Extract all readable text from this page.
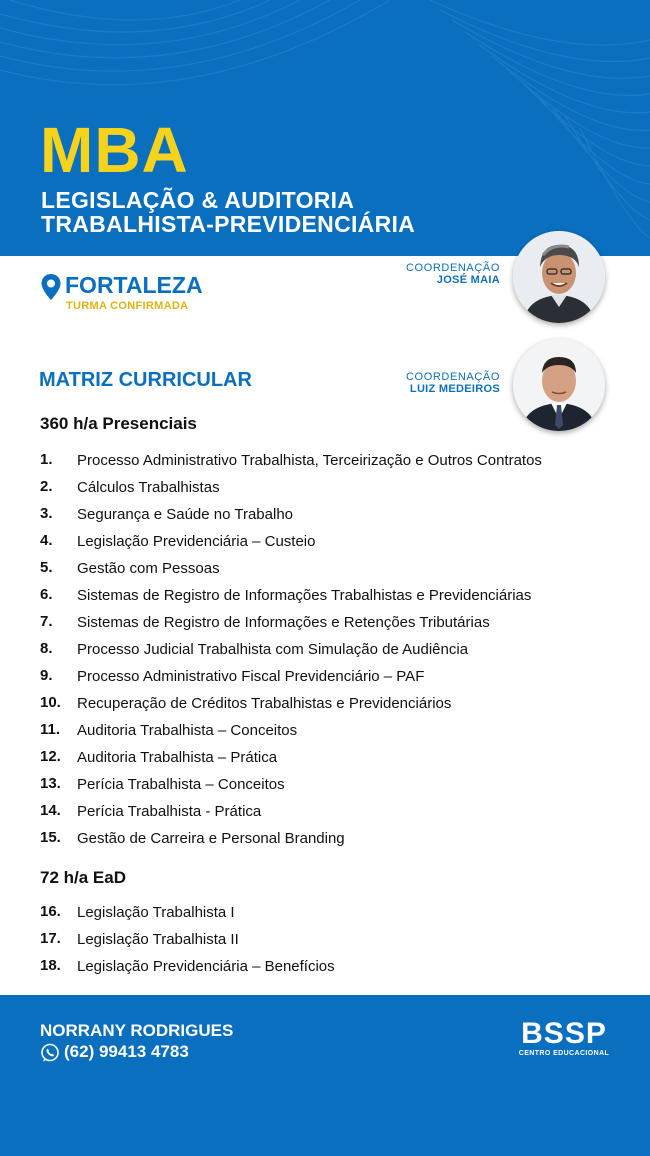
MBA
LEGISLAÇÃO & AUDITORIA
TRABALHISTA-PREVIDENCIÁRIA
FORTALEZA
TURMA CONFIRMADA
COORDENAÇÃO
JOSÉ MAIA
COORDENAÇÃO
LUIZ MEDEIROS
MATRIZ CURRICULAR
360 h/a Presenciais
1. Processo Administrativo Trabalhista, Terceirização e Outros Contratos
2. Cálculos Trabalhistas
3. Segurança e Saúde no Trabalho
4. Legislação Previdenciária – Custeio
5. Gestão com Pessoas
6. Sistemas de Registro de Informações Trabalhistas e Previdenciárias
7. Sistemas de Registro de Informações e Retenções Tributárias
8. Processo Judicial Trabalhista com Simulação de Audiência
9. Processo Administrativo Fiscal Previdenciário – PAF
10. Recuperação de Créditos Trabalhistas e Previdenciários
11. Auditoria Trabalhista – Conceitos
12. Auditoria Trabalhista – Prática
13. Perícia Trabalhista – Conceitos
14. Perícia Trabalhista - Prática
15. Gestão de Carreira e Personal Branding
72 h/a EaD
16. Legislação Trabalhista I
17. Legislação Trabalhista II
18. Legislação Previdenciária – Benefícios
NORRANY RODRIGUES
(62) 99413 4783
BSSP
CENTRO EDUCACIONAL
